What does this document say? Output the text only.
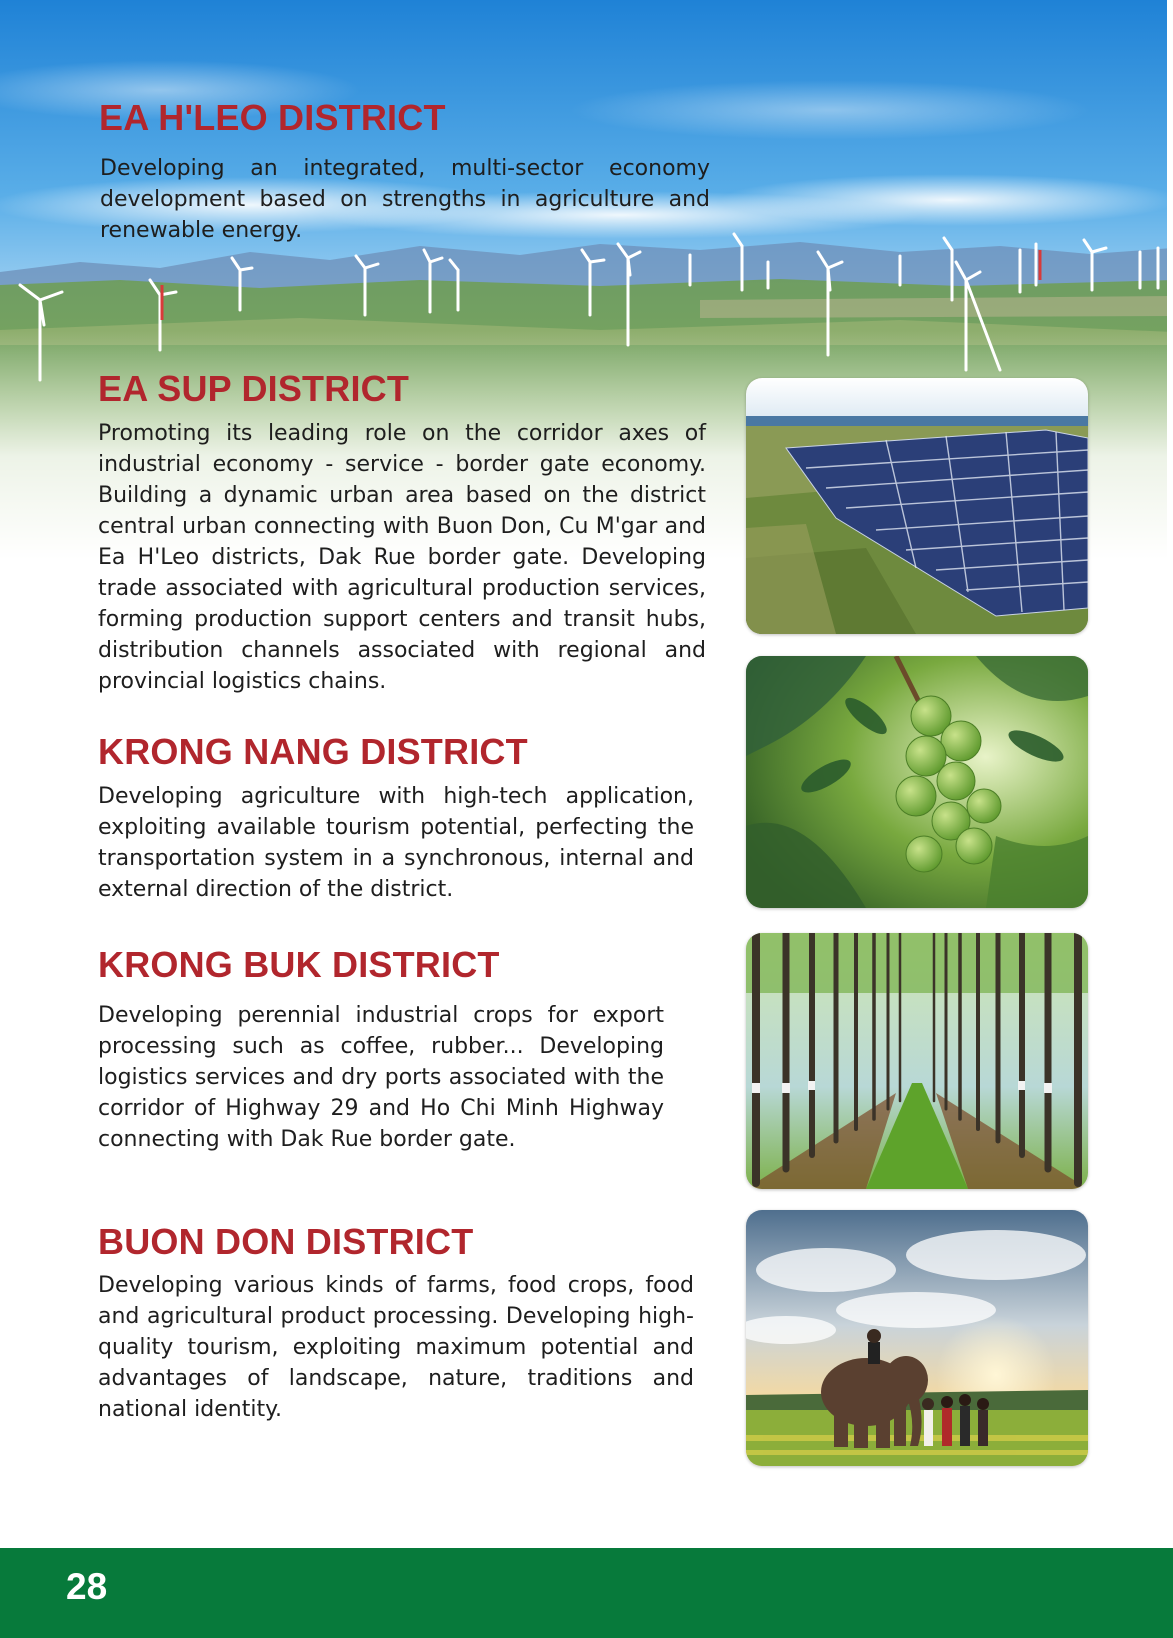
EA H'LEO DISTRICT

Developing an integrated, multi-sector economy development based on strengths in agriculture and renewable energy.

EA SUP DISTRICT

Promoting its leading role on the corridor axes of industrial economy - service - border gate economy. Building a dynamic urban area based on the district central urban connecting with Buon Don, Cu M'gar and Ea H'Leo districts, Dak Rue border gate. Developing trade associated with agricultural production services, forming production support centers and transit hubs, distribution channels associated with regional and provincial logistics chains.

KRONG NANG DISTRICT

Developing agriculture with high-tech application, exploiting available tourism potential, perfecting the transportation system in a synchronous, internal and external direction of the district.

KRONG BUK DISTRICT

Developing perennial industrial crops for export processing such as coffee, rubber... Developing logistics services and dry ports associated with the corridor of Highway 29 and Ho Chi Minh Highway connecting with Dak Rue border gate.

BUON DON DISTRICT

Developing various kinds of farms, food crops, food and agricultural product processing. Developing high-quality tourism, exploiting maximum potential and advantages of landscape, nature, traditions and national identity.

28
